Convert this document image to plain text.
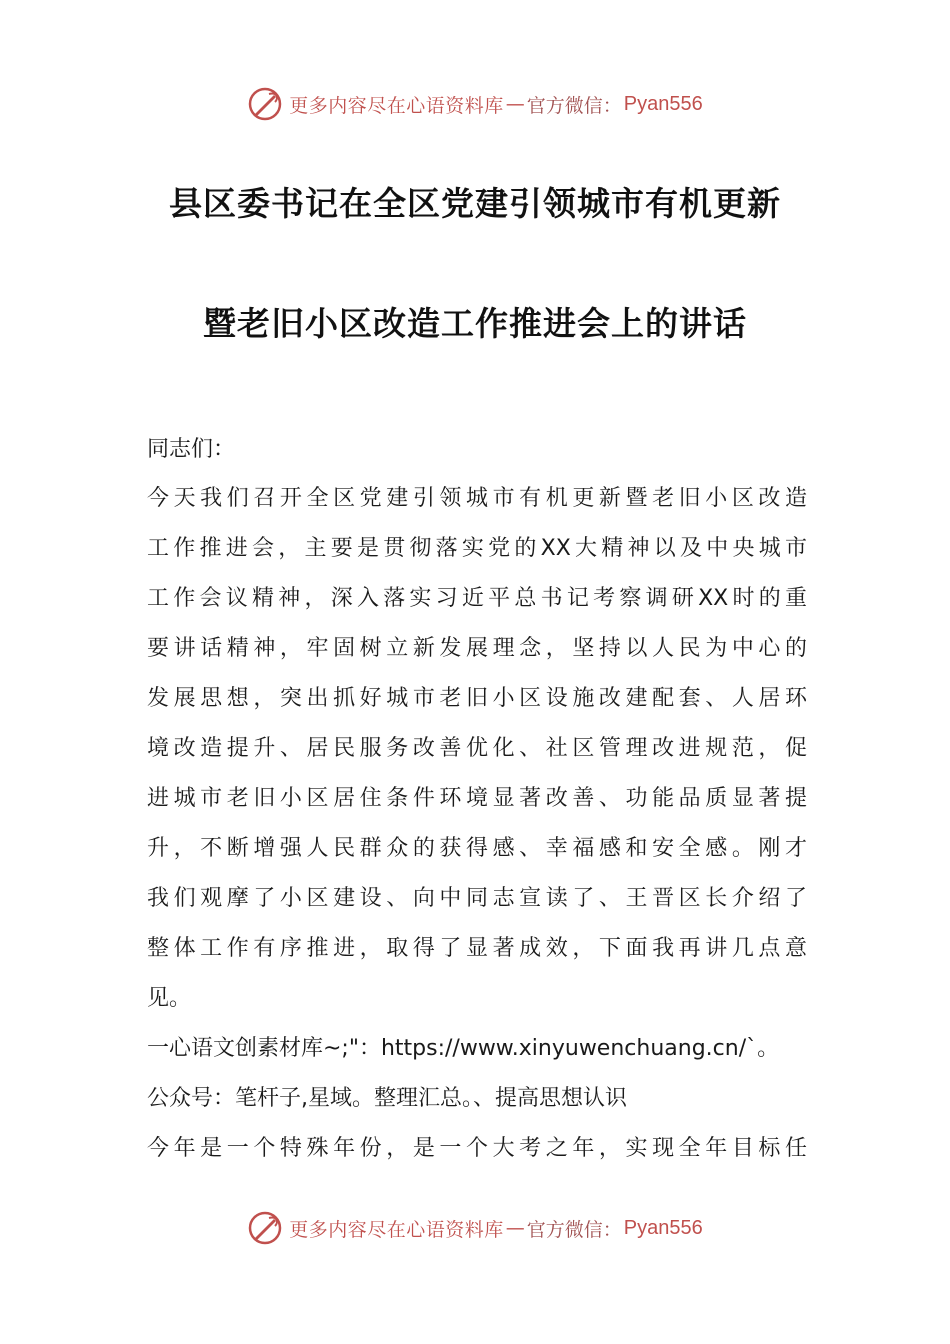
更多内容尽在心语资料库 — 官方微信： Pyan556
县区委书记在全区党建引领城市有机更新
暨老旧小区改造工作推进会上的讲话
同志们：
今天我们召开全区党建引领城市有机更新暨老旧小区改造
工作推进会，主要是贯彻落实党的XX大精神以及中央城市
工作会议精神，深入落实习近平总书记考察调研XX时的重
要讲话精神，牢固树立新发展理念，坚持以人民为中心的
发展思想，突出抓好城市老旧小区设施改建配套、人居环
境改造提升、居民服务改善优化、社区管理改进规范，促
进城市老旧小区居住条件环境显著改善、功能品质显著提
升，不断增强人民群众的获得感、幸福感和安全感。刚才
我们观摩了小区建设、向中同志宣读了、王晋区长介绍了
整体工作有序推进，取得了显著成效，下面我再讲几点意
见。
一心语文创素材库~;"：https://www.xinyuwenchuang.cn/`。
公众号：笔杆子,星域。整理汇总。、提高思想认识
今年是一个特殊年份，是一个大考之年，实现全年目标任
更多内容尽在心语资料库 — 官方微信： Pyan556
